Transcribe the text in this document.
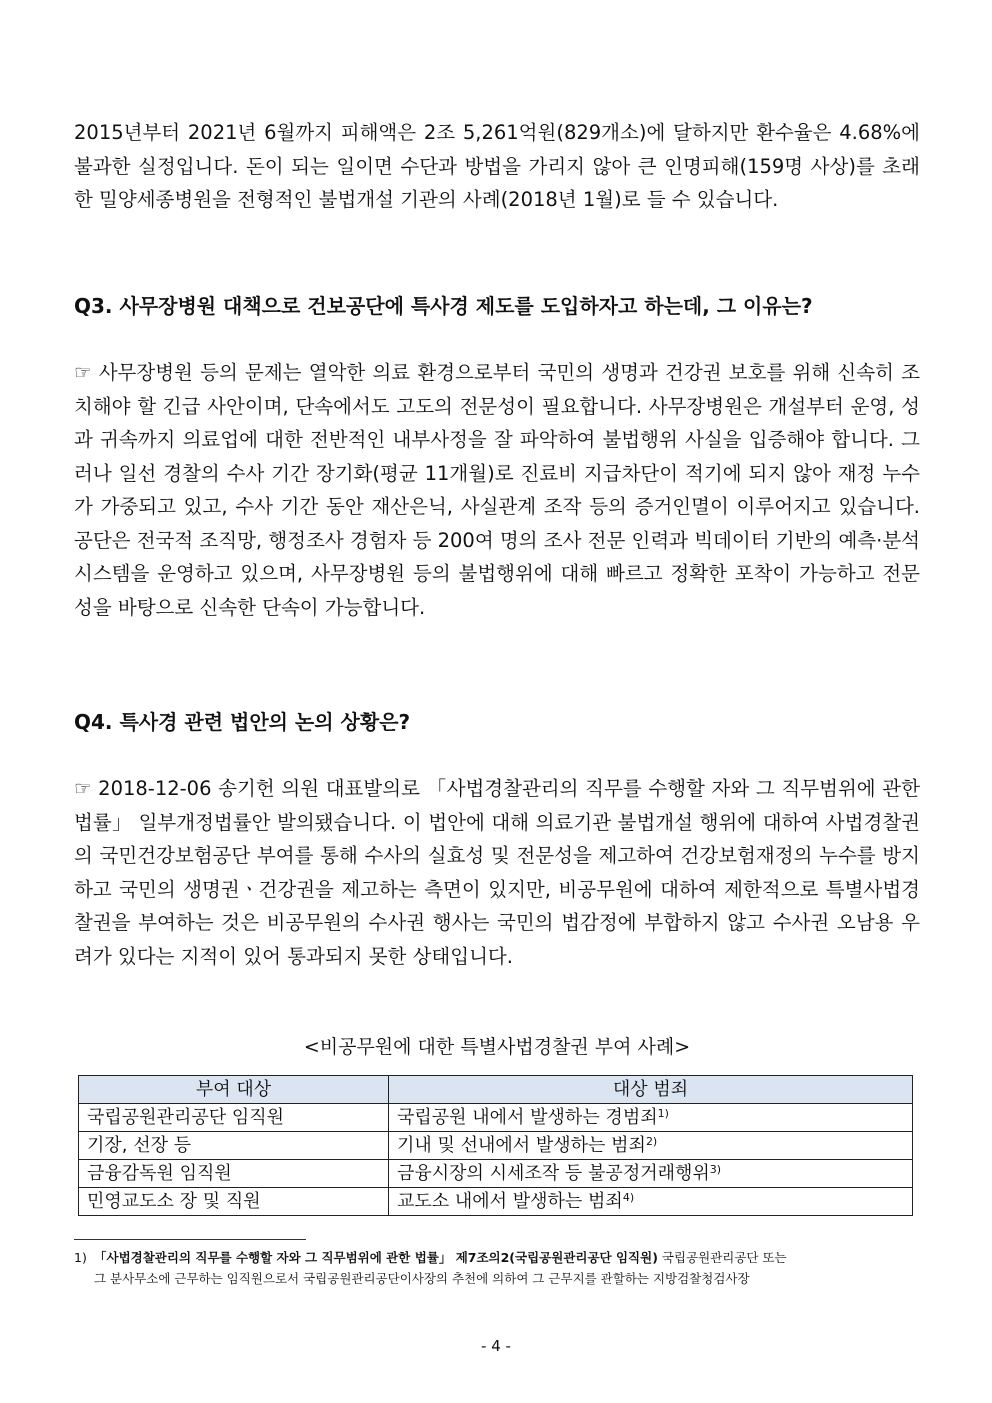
2015년부터 2021년 6월까지 피해액은 2조 5,261억원(829개소)에 달하지만 환수율은 4.68%에 불과한 실정입니다. 돈이 되는 일이면 수단과 방법을 가리지 않아 큰 인명피해(159명 사상)를 초래한 밀양세종병원을 전형적인 불법개설 기관의 사례(2018년 1월)로 들 수 있습니다.

Q3. 사무장병원 대책으로 건보공단에 특사경 제도를 도입하자고 하는데, 그 이유는?

☞ 사무장병원 등의 문제는 열악한 의료 환경으로부터 국민의 생명과 건강권 보호를 위해 신속히 조치해야 할 긴급 사안이며, 단속에서도 고도의 전문성이 필요합니다. 사무장병원은 개설부터 운영, 성과 귀속까지 의료업에 대한 전반적인 내부사정을 잘 파악하여 불법행위 사실을 입증해야 합니다. 그러나 일선 경찰의 수사 기간 장기화(평균 11개월)로 진료비 지급차단이 적기에 되지 않아 재정 누수가 가중되고 있고, 수사 기간 동안 재산은닉, 사실관계 조작 등의 증거인멸이 이루어지고 있습니다. 공단은 전국적 조직망, 행정조사 경험자 등 200여 명의 조사 전문 인력과 빅데이터 기반의 예측·분석 시스템을 운영하고 있으며, 사무장병원 등의 불법행위에 대해 빠르고 정확한 포착이 가능하고 전문성을 바탕으로 신속한 단속이 가능합니다.

Q4. 특사경 관련 법안의 논의 상황은?

☞ 2018-12-06 송기헌 의원 대표발의로 「사법경찰관리의 직무를 수행할 자와 그 직무범위에 관한 법률」 일부개정법률안 발의됐습니다. 이 법안에 대해 의료기관 불법개설 행위에 대하여 사법경찰권의 국민건강보험공단 부여를 통해 수사의 실효성 및 전문성을 제고하여 건강보험재정의 누수를 방지하고 국민의 생명권ㆍ건강권을 제고하는 측면이 있지만, 비공무원에 대하여 제한적으로 특별사법경찰권을 부여하는 것은 비공무원의 수사권 행사는 국민의 법감정에 부합하지 않고 수사권 오남용 우려가 있다는 지적이 있어 통과되지 못한 상태입니다.

<비공무원에 대한 특별사법경찰권 부여 사례>

부여 대상	대상 범죄
국립공원관리공단 임직원	국립공원 내에서 발생하는 경범죄$^{1)}$
기장, 선장 등	기내 및 선내에서 발생하는 범죄$^{2)}$
금융감독원 임직원	금융시장의 시세조작 등 불공정거래행위$^{3)}$
민영교도소 장 및 직원	교도소 내에서 발생하는 범죄$^{4)}$

1) 「사법경찰관리의 직무를 수행할 자와 그 직무범위에 관한 법률」 제7조의2(국립공원관리공단 임직원) 국립공원관리공단 또는
그 분사무소에 근무하는 임직원으로서 국립공원관리공단이사장의 추천에 의하여 그 근무지를 관할하는 지방검찰청검사장

- 4 -
